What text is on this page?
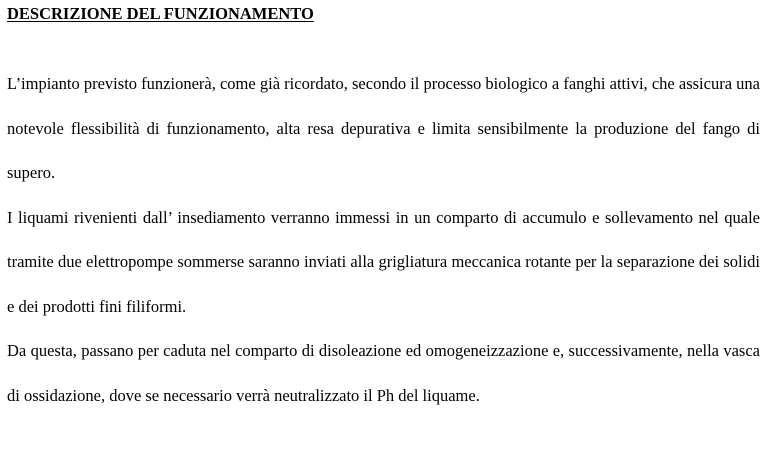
DESCRIZIONE DEL FUNZIONAMENTO

L’impianto previsto funzionerà, come già ricordato, secondo il processo biologico a fanghi attivi, che assicura una notevole flessibilità di funzionamento, alta resa depurativa e limita sensibilmente la produzione del fango di supero.

I liquami rivenienti dall’ insediamento verranno immessi in un comparto di accumulo e sollevamento nel quale tramite due elettropompe sommerse saranno inviati alla grigliatura meccanica rotante per la separazione dei solidi e dei prodotti fini filiformi.

Da questa, passano per caduta nel comparto di disoleazione ed omogeneizzazione e, successivamente, nella vasca di ossidazione, dove se necessario verrà neutralizzato il Ph del liquame.
